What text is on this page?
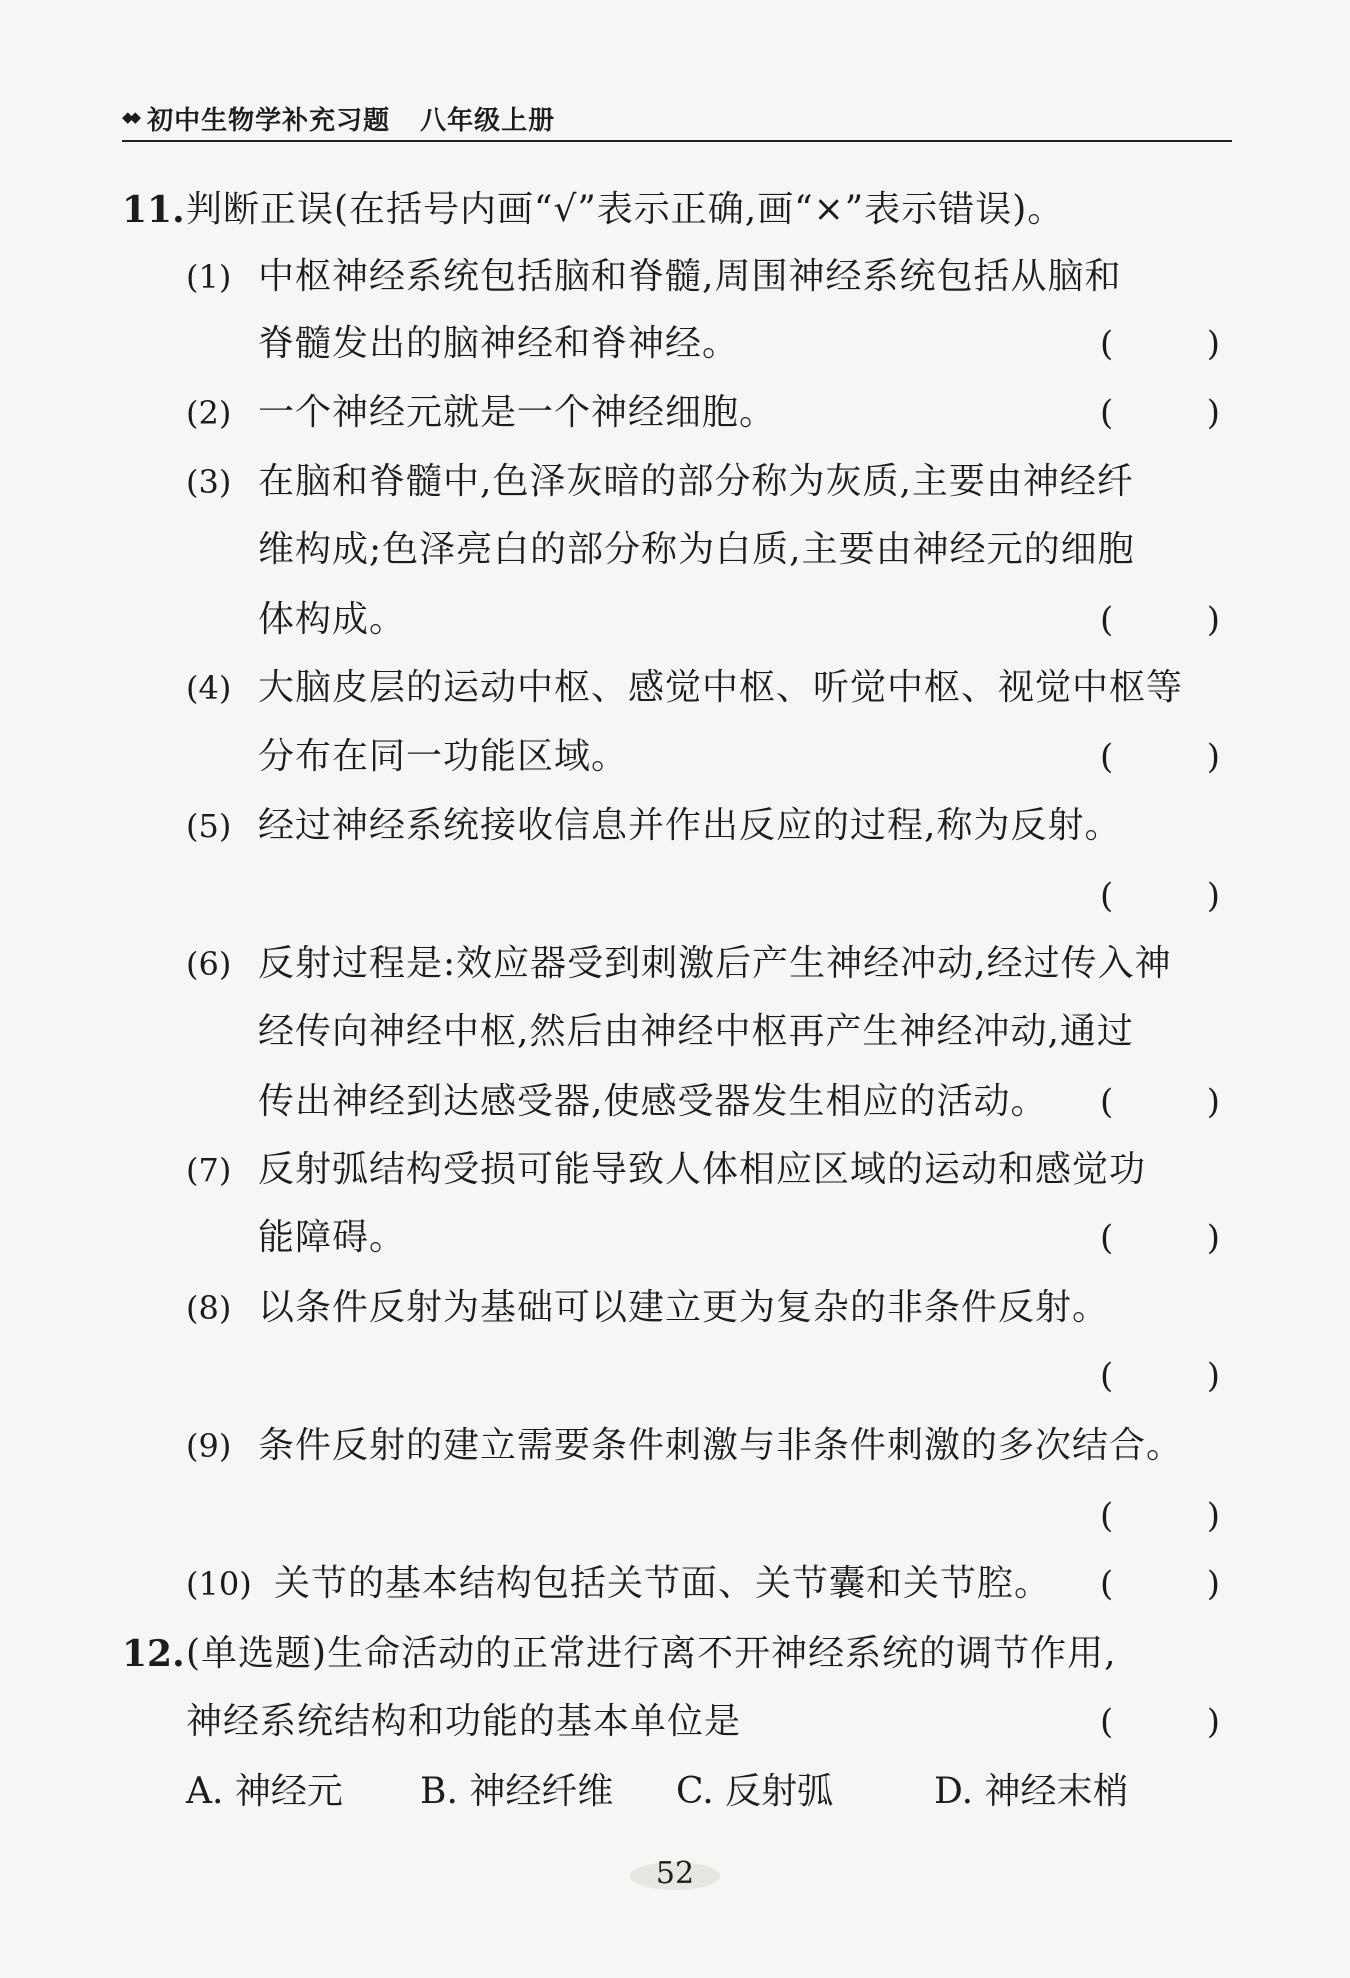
◆◆ 初中生物学补充习题 八年级上册
11. 判断正误(在括号内画“√”表示正确,画“×”表示错误)。
(1) 中枢神经系统包括脑和脊髓,周围神经系统包括从脑和
脊髓发出的脑神经和脊神经。	(	)
(2) 一个神经元就是一个神经细胞。	(	)
(3) 在脑和脊髓中,色泽灰暗的部分称为灰质,主要由神经纤
维构成;色泽亮白的部分称为白质,主要由神经元的细胞
体构成。	(	)
(4) 大脑皮层的运动中枢、感觉中枢、听觉中枢、视觉中枢等
分布在同一功能区域。	(	)
(5) 经过神经系统接收信息并作出反应的过程,称为反射。
(	)
(6) 反射过程是:效应器受到刺激后产生神经冲动,经过传入神
经传向神经中枢,然后由神经中枢再产生神经冲动,通过
传出神经到达感受器,使感受器发生相应的活动。 (	)
(7) 反射弧结构受损可能导致人体相应区域的运动和感觉功
能障碍。	(	)
(8) 以条件反射为基础可以建立更为复杂的非条件反射。
(	)
(9) 条件反射的建立需要条件刺激与非条件刺激的多次结合。
(	)
(10) 关节的基本结构包括关节面、关节囊和关节腔。 (	)
12. (单选题)生命活动的正常进行离不开神经系统的调节作用,
神经系统结构和功能的基本单位是	(	)
A. 神经元 B. 神经纤维 C. 反射弧	D. 神经末梢
52
